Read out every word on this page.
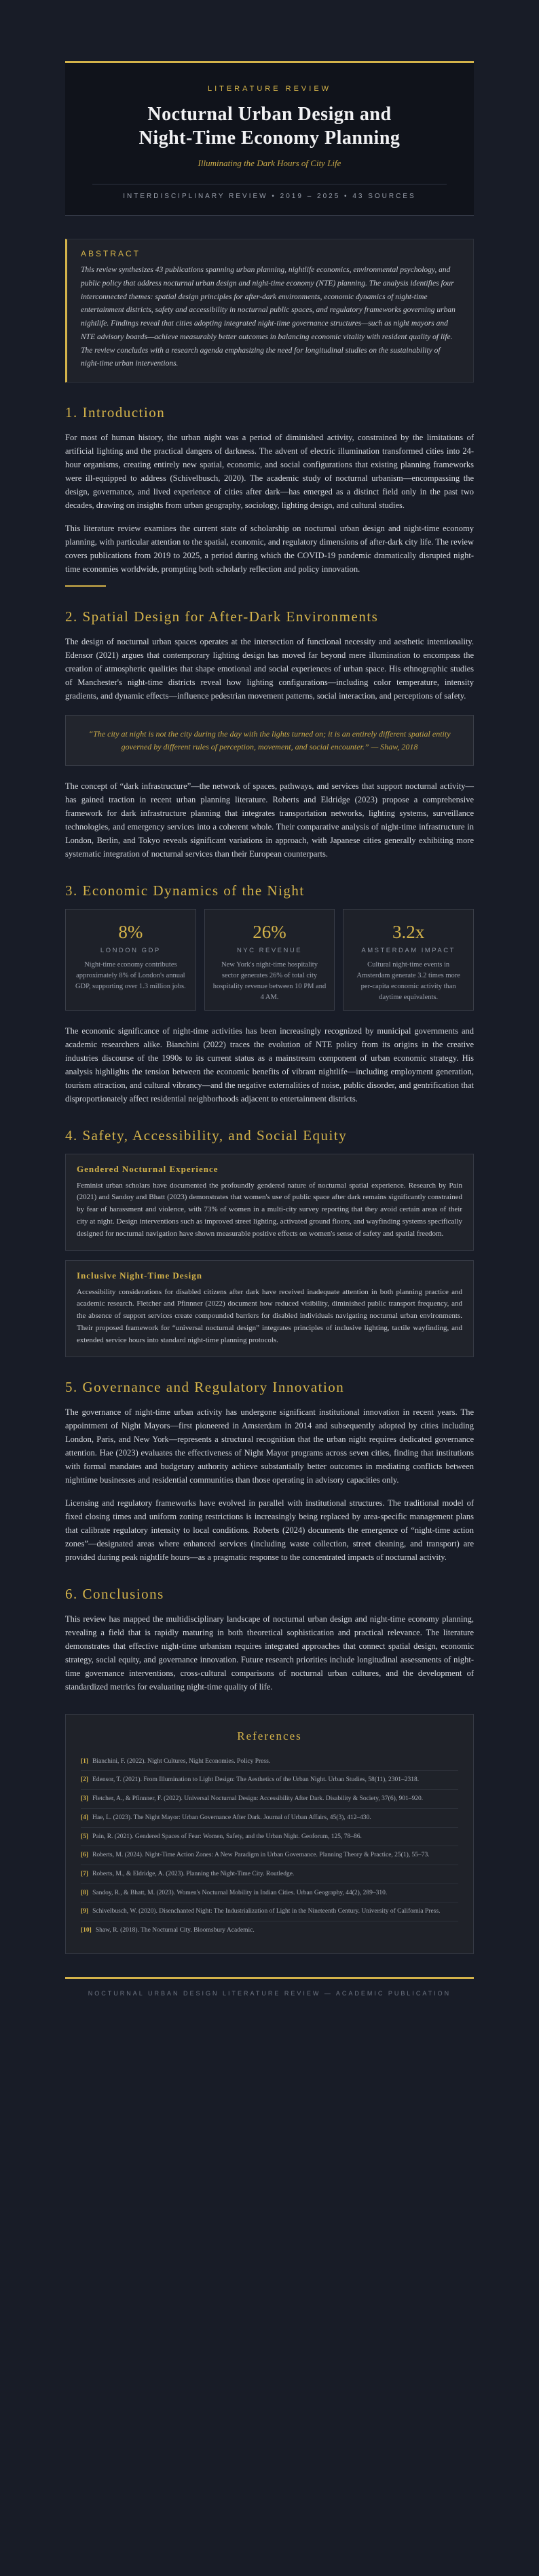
LITERATURE REVIEW
Nocturnal Urban Design and
Night-Time Economy Planning
Illuminating the Dark Hours of City Life
INTERDISCIPLINARY REVIEW • 2019 – 2025 • 43 SOURCES
ABSTRACT

This review synthesizes 43 publications spanning urban planning, nightlife economics, environmental psychology, and public policy that address nocturnal urban design and night-time economy (NTE) planning. The analysis identifies four interconnected themes: spatial design principles for after-dark environments, economic dynamics of night-time entertainment districts, safety and accessibility in nocturnal public spaces, and regulatory frameworks governing urban nightlife. Findings reveal that cities adopting integrated night-time governance structures—such as night mayors and NTE advisory boards—achieve measurably better outcomes in balancing economic vitality with resident quality of life. The review concludes with a research agenda emphasizing the need for longitudinal studies on the sustainability of night-time urban interventions.

1. Introduction

For most of human history, the urban night was a period of diminished activity, constrained by the limitations of artificial lighting and the practical dangers of darkness. The advent of electric illumination transformed cities into 24-hour organisms, creating entirely new spatial, economic, and social configurations that existing planning frameworks were ill-equipped to address (Schivelbusch, 2020). The academic study of nocturnal urbanism—encompassing the design, governance, and lived experience of cities after dark—has emerged as a distinct field only in the past two decades, drawing on insights from urban geography, sociology, lighting design, and cultural studies.

This literature review examines the current state of scholarship on nocturnal urban design and night-time economy planning, with particular attention to the spatial, economic, and regulatory dimensions of after-dark city life. The review covers publications from 2019 to 2025, a period during which the COVID-19 pandemic dramatically disrupted night-time economies worldwide, prompting both scholarly reflection and policy innovation.

2. Spatial Design for After-Dark Environments

The design of nocturnal urban spaces operates at the intersection of functional necessity and aesthetic intentionality. Edensor (2021) argues that contemporary lighting design has moved far beyond mere illumination to encompass the creation of atmospheric qualities that shape emotional and social experiences of urban space. His ethnographic studies of Manchester's night-time districts reveal how lighting configurations—including color temperature, intensity gradients, and dynamic effects—influence pedestrian movement patterns, social interaction, and perceptions of safety.

“The city at night is not the city during the day with the lights turned on; it is an entirely different spatial entity governed by different rules of perception, movement, and social encounter.” — Shaw, 2018

The concept of “dark infrastructure”—the network of spaces, pathways, and services that support nocturnal activity—has gained traction in recent urban planning literature. Roberts and Eldridge (2023) propose a comprehensive framework for dark infrastructure planning that integrates transportation networks, lighting systems, surveillance technologies, and emergency services into a coherent whole. Their comparative analysis of night-time infrastructure in London, Berlin, and Tokyo reveals significant variations in approach, with Japanese cities generally exhibiting more systematic integration of nocturnal services than their European counterparts.

3. Economic Dynamics of the Night
8%
LONDON GDP
Night-time economy contributes approximately 8% of London's annual GDP, supporting over 1.3 million jobs.
26%
NYC REVENUE
New York's night-time hospitality sector generates 26% of total city hospitality revenue between 10 PM and 4 AM.
3.2x
AMSTERDAM IMPACT
Cultural night-time events in Amsterdam generate 3.2 times more per-capita economic activity than daytime equivalents.

The economic significance of night-time activities has been increasingly recognized by municipal governments and academic researchers alike. Bianchini (2022) traces the evolution of NTE policy from its origins in the creative industries discourse of the 1990s to its current status as a mainstream component of urban economic strategy. His analysis highlights the tension between the economic benefits of vibrant nightlife—including employment generation, tourism attraction, and cultural vibrancy—and the negative externalities of noise, public disorder, and gentrification that disproportionately affect residential neighborhoods adjacent to entertainment districts.

4. Safety, Accessibility, and Social Equity
Gendered Nocturnal Experience

Feminist urban scholars have documented the profoundly gendered nature of nocturnal spatial experience. Research by Pain (2021) and Sandoy and Bhatt (2023) demonstrates that women's use of public space after dark remains significantly constrained by fear of harassment and violence, with 73% of women in a multi-city survey reporting that they avoid certain areas of their city at night. Design interventions such as improved street lighting, activated ground floors, and wayfinding systems specifically designed for nocturnal navigation have shown measurable positive effects on women's sense of safety and spatial freedom.

Inclusive Night-Time Design

Accessibility considerations for disabled citizens after dark have received inadequate attention in both planning practice and academic research. Fletcher and Pfinnner (2022) document how reduced visibility, diminished public transport frequency, and the absence of support services create compounded barriers for disabled individuals navigating nocturnal urban environments. Their proposed framework for “universal nocturnal design” integrates principles of inclusive lighting, tactile wayfinding, and extended service hours into standard night-time planning protocols.

5. Governance and Regulatory Innovation

The governance of night-time urban activity has undergone significant institutional innovation in recent years. The appointment of Night Mayors—first pioneered in Amsterdam in 2014 and subsequently adopted by cities including London, Paris, and New York—represents a structural recognition that the urban night requires dedicated governance attention. Hae (2023) evaluates the effectiveness of Night Mayor programs across seven cities, finding that institutions with formal mandates and budgetary authority achieve substantially better outcomes in mediating conflicts between nighttime businesses and residential communities than those operating in advisory capacities only.

Licensing and regulatory frameworks have evolved in parallel with institutional structures. The traditional model of fixed closing times and uniform zoning restrictions is increasingly being replaced by area-specific management plans that calibrate regulatory intensity to local conditions. Roberts (2024) documents the emergence of “night-time action zones”—designated areas where enhanced services (including waste collection, street cleaning, and transport) are provided during peak nightlife hours—as a pragmatic response to the concentrated impacts of nocturnal activity.

6. Conclusions

This review has mapped the multidisciplinary landscape of nocturnal urban design and night-time economy planning, revealing a field that is rapidly maturing in both theoretical sophistication and practical relevance. The literature demonstrates that effective night-time urbanism requires integrated approaches that connect spatial design, economic strategy, social equity, and governance innovation. Future research priorities include longitudinal assessments of night-time governance interventions, cross-cultural comparisons of nocturnal urban cultures, and the development of standardized metrics for evaluating night-time quality of life.

References
[1] Bianchini, F. (2022). Night Cultures, Night Economies. Policy Press.
[2] Edensor, T. (2021). From Illumination to Light Design: The Aesthetics of the Urban Night. Urban Studies, 58(11), 2301–2318.
[3] Fletcher, A., & Pfinnner, F. (2022). Universal Nocturnal Design: Accessibility After Dark. Disability & Society, 37(6), 901–920.
[4] Hae, L. (2023). The Night Mayor: Urban Governance After Dark. Journal of Urban Affairs, 45(3), 412–430.
[5] Pain, R. (2021). Gendered Spaces of Fear: Women, Safety, and the Urban Night. Geoforum, 125, 78–86.
[6] Roberts, M. (2024). Night-Time Action Zones: A New Paradigm in Urban Governance. Planning Theory & Practice, 25(1), 55–73.
[7] Roberts, M., & Eldridge, A. (2023). Planning the Night-Time City. Routledge.
[8] Sandoy, R., & Bhatt, M. (2023). Women's Nocturnal Mobility in Indian Cities. Urban Geography, 44(2), 289–310.
[9] Schivelbusch, W. (2020). Disenchanted Night: The Industrialization of Light in the Nineteenth Century. University of California Press.
[10] Shaw, R. (2018). The Nocturnal City. Bloomsbury Academic.
NOCTURNAL URBAN DESIGN LITERATURE REVIEW — ACADEMIC PUBLICATION
